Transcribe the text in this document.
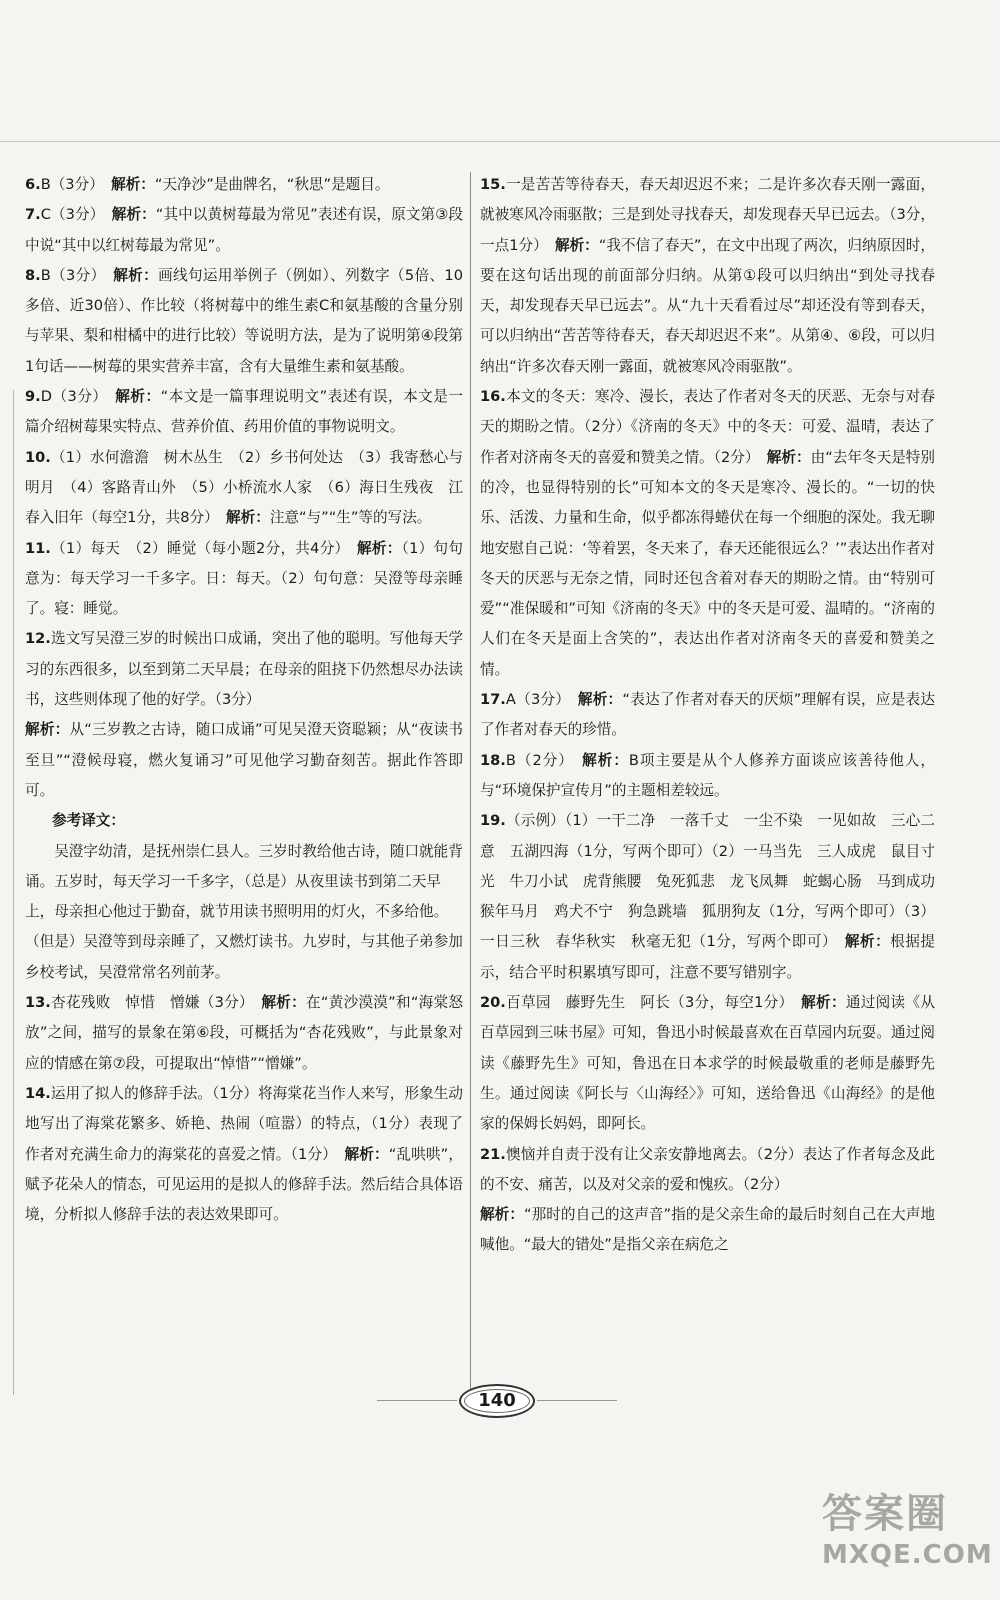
6.B（3分）　 解析：“天净沙”是曲牌名，“秋思”是题目。

7.C（3分）　 解析：“其中以黄树莓最为常见”表述有误，原文第③段中说“其中以红树莓最为常见”。

8.B（3分）　 解析：画线句运用举例子（例如）、列数字（5倍、10多倍、近30倍）、作比较（将树莓中的维生素C和氨基酸的含量分别与苹果、梨和柑橘中的进行比较）等说明方法，是为了说明第④段第1句话——树莓的果实营养丰富，含有大量维生素和氨基酸。

9.D（3分）　 解析：“本文是一篇事理说明文”表述有误，本文是一篇介绍树莓果实特点、营养价值、药用价值的事物说明文。

10.（1）水何澹澹　树木丛生　（2）乡书何处达　（3）我寄愁心与明月　（4）客路青山外　（5）小桥流水人家　（6）海日生残夜　江春入旧年（每空1分，共8分）　 解析：注意“与”“生”等的写法。

11.（1）每天　（2）睡觉（每小题2分，共4分）　 解析：（1）句句意为：每天学习一千多字。日：每天。（2）句句意：吴澄等母亲睡了。寝：睡觉。

12.选文写吴澄三岁的时候出口成诵，突出了他的聪明。写他每天学习的东西很多，以至到第二天早晨；在母亲的阻挠下仍然想尽办法读书，这些则体现了他的好学。（3分）

解析：从“三岁教之古诗，随口成诵”可见吴澄天资聪颖；从“夜读书至旦”“澄候母寝，燃火复诵习”可见他学习勤奋刻苦。据此作答即可。

参考译文：

吴澄字幼清，是抚州崇仁县人。三岁时教给他古诗，随口就能背诵。五岁时，每天学习一千多字，（总是）从夜里读书到第二天早上，母亲担心他过于勤奋，就节用读书照明用的灯火，不多给他。（但是）吴澄等到母亲睡了，又燃灯读书。九岁时，与其他子弟参加乡校考试，吴澄常常名列前茅。

13.杏花残败　悼惜　憎嫌（3分）　 解析：在“黄沙漠漠”和“海棠怒放”之间，描写的景象在第⑥段，可概括为“杏花残败”，与此景象对应的情感在第⑦段，可提取出“悼惜”“憎嫌”。

14.运用了拟人的修辞手法。（1分）将海棠花当作人来写，形象生动地写出了海棠花繁多、娇艳、热闹（喧嚣）的特点，（1分）表现了作者对充满生命力的海棠花的喜爱之情。（1分）　 解析：“乱哄哄”，赋予花朵人的情态，可见运用的是拟人的修辞手法。然后结合具体语境，分析拟人修辞手法的表达效果即可。

15.一是苦苦等待春天，春天却迟迟不来；二是许多次春天刚一露面，就被寒风冷雨驱散；三是到处寻找春天，却发现春天早已远去。（3分，一点1分）　 解析：“我不信了春天”，在文中出现了两次，归纳原因时，要在这句话出现的前面部分归纳。从第①段可以归纳出“到处寻找春天，却发现春天早已远去”。从“九十天看看过尽”却还没有等到春天，可以归纳出“苦苦等待春天，春天却迟迟不来”。从第④、⑥段，可以归纳出“许多次春天刚一露面，就被寒风冷雨驱散”。

16.本文的冬天：寒冷、漫长，表达了作者对冬天的厌恶、无奈与对春天的期盼之情。（2分）《济南的冬天》中的冬天：可爱、温晴，表达了作者对济南冬天的喜爱和赞美之情。（2分）　 解析：由“去年冬天是特别的冷，也显得特别的长”可知本文的冬天是寒冷、漫长的。“一切的快乐、活泼、力量和生命，似乎都冻得蜷伏在每一个细胞的深处。我无聊地安慰自己说：‘等着罢，冬天来了，春天还能很远么？’”表达出作者对冬天的厌恶与无奈之情，同时还包含着对春天的期盼之情。由“特别可爱”“准保暖和”可知《济南的冬天》中的冬天是可爱、温晴的。“济南的人们在冬天是面上含笑的”，表达出作者对济南冬天的喜爱和赞美之情。

17.A（3分）　 解析：“表达了作者对春天的厌烦”理解有误，应是表达了作者对春天的珍惜。

18.B（2分）　 解析：B项主要是从个人修养方面谈应该善待他人，与“环境保护宣传月”的主题相差较远。

19.（示例）（1）一干二净　一落千丈　一尘不染　一见如故　三心二意　五湖四海（1分，写两个即可）（2）一马当先　三人成虎　鼠目寸光　牛刀小试　虎背熊腰　兔死狐悲　龙飞凤舞　蛇蝎心肠　马到成功　猴年马月　鸡犬不宁　狗急跳墙　狐朋狗友（1分，写两个即可）（3）一日三秋　春华秋实　秋毫无犯（1分，写两个即可）　 解析：根据提示，结合平时积累填写即可，注意不要写错别字。

20.百草园　藤野先生　阿长（3分，每空1分）　 解析：通过阅读《从百草园到三味书屋》可知，鲁迅小时候最喜欢在百草园内玩耍。通过阅读《藤野先生》可知，鲁迅在日本求学的时候最敬重的老师是藤野先生。通过阅读《阿长与〈山海经〉》可知，送给鲁迅《山海经》的是他家的保姆长妈妈，即阿长。

21.懊恼并自责于没有让父亲安静地离去。（2分）表达了作者每念及此的不安、痛苦，以及对父亲的爱和愧疚。（2分）

解析：“那时的自己的这声音”指的是父亲生命的最后时刻自己在大声地喊他。“最大的错处”是指父亲在病危之

140
答案圈
MXQE.COM
